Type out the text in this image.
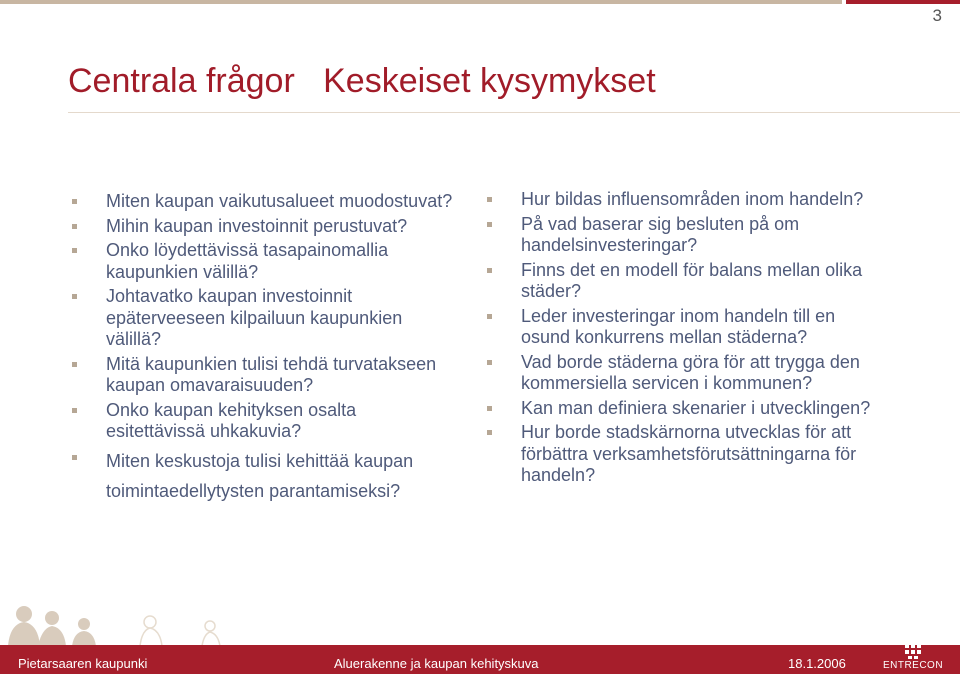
3
Centrala frågor   Keskeiset kysymykset
Miten kaupan vaikutusalueet muodostuvat?
Mihin kaupan investoinnit perustuvat?
Onko löydettävissä tasapainomallia kaupunkien välillä?
Johtavatko kaupan investoinnit epäterveeseen kilpailuun kaupunkien välillä?
Mitä kaupunkien tulisi tehdä turvatakseen kaupan omavaraisuuden?
Onko kaupan kehityksen osalta esitettävissä uhkakuvia?
Miten keskustoja tulisi kehittää kaupan toimintaedellytysten parantamiseksi?
Hur bildas influensområden inom handeln?
På vad baserar sig besluten på om handelsinvesteringar?
Finns det en modell för balans mellan olika städer?
Leder investeringar inom handeln till en osund konkurrens mellan städerna?
Vad borde städerna göra för att trygga den kommersiella servicen i kommunen?
Kan man definiera skenarier i utvecklingen?
Hur borde stadskärnorna utvecklas för att förbättra verksamhetsförutsättningarna för handeln?
Pietarsaaren kaupunki	Aluerakenne ja kaupan kehityskuva	18.1.2006	ENTRECON
